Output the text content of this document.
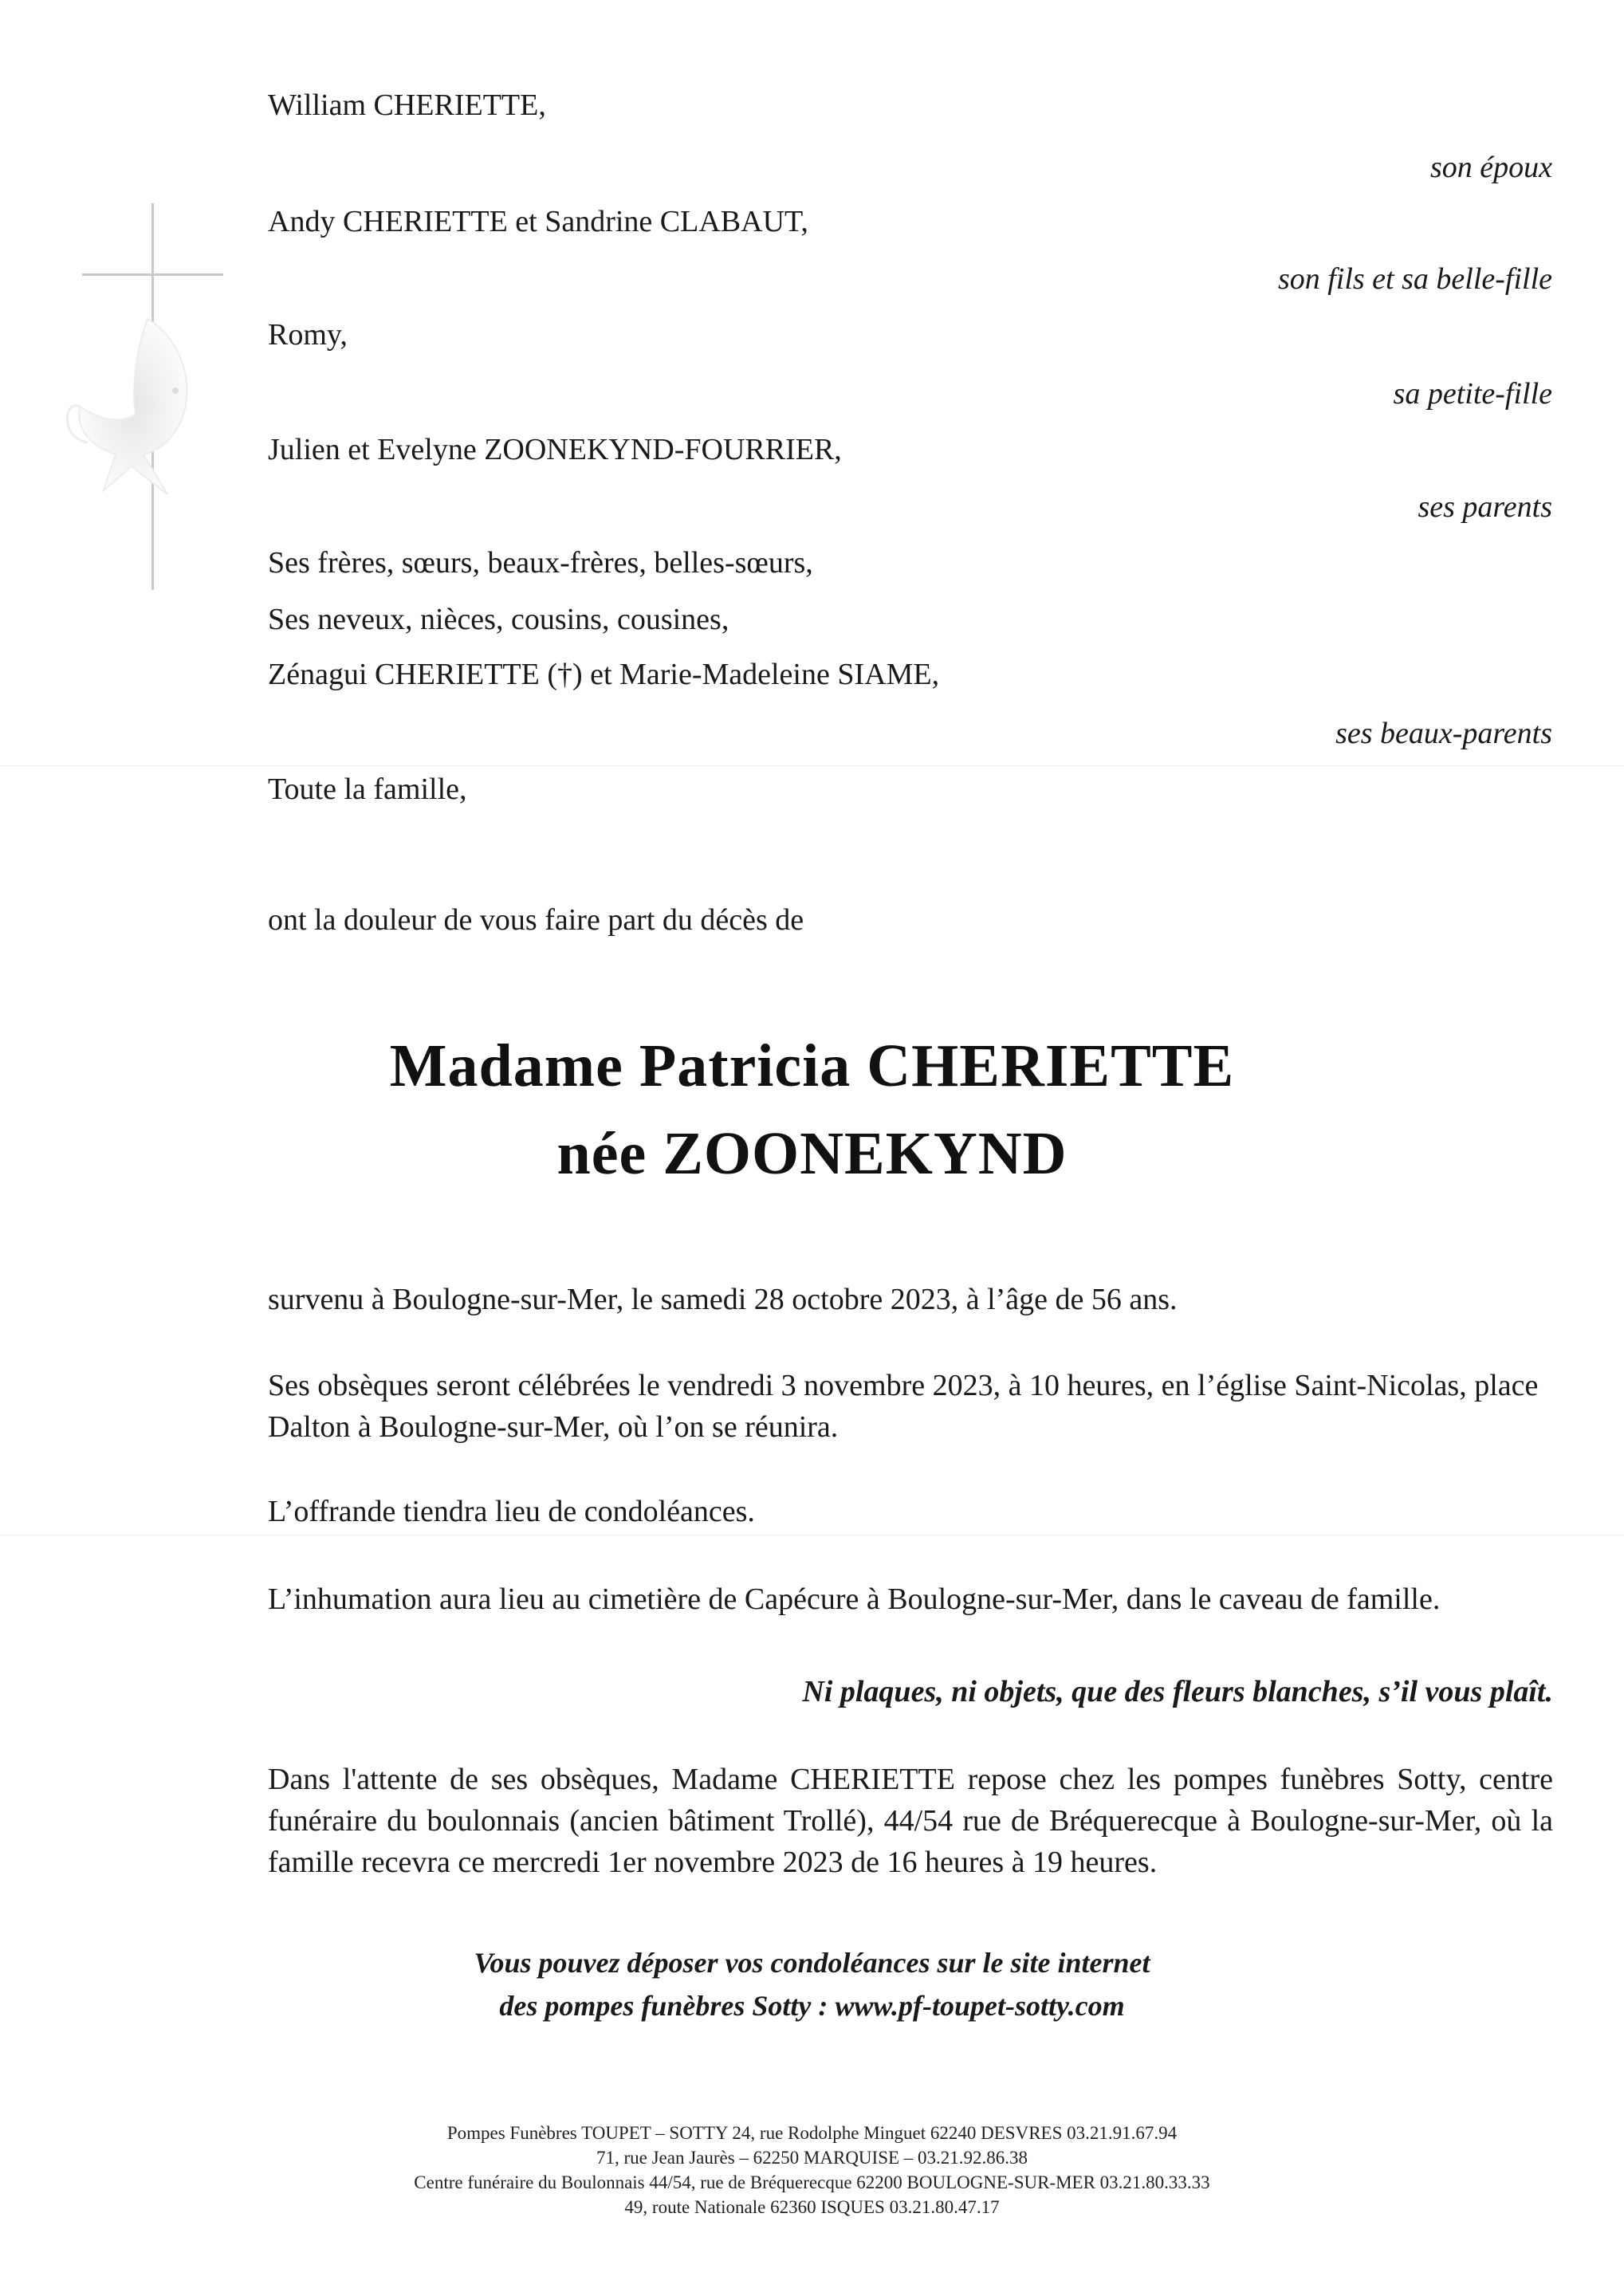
William CHERIETTE,
son époux
Andy CHERIETTE et Sandrine CLABAUT,
son fils et sa belle-fille
Romy,
sa petite-fille
Julien et Evelyne ZOONEKYND-FOURRIER,
ses parents
Ses frères, sœurs, beaux-frères, belles-sœurs,
Ses neveux, nièces, cousins, cousines,
Zénagui CHERIETTE (†) et Marie-Madeleine SIAME,
ses beaux-parents
Toute la famille,
ont la douleur de vous faire part du décès de
Madame Patricia CHERIETTE
née ZOONEKYND
survenu à Boulogne-sur-Mer, le samedi 28 octobre 2023, à l’âge de 56 ans.
Ses obsèques seront célébrées le vendredi 3 novembre 2023, à 10 heures, en l’église Saint-Nicolas, place Dalton à Boulogne-sur-Mer, où l’on se réunira.
L’offrande tiendra lieu de condoléances.
L’inhumation aura lieu au cimetière de Capécure à Boulogne-sur-Mer, dans le caveau de famille.
Ni plaques, ni objets, que des fleurs blanches, s’il vous plaît.
Dans l'attente de ses obsèques, Madame CHERIETTE repose chez les pompes funèbres Sotty, centre funéraire du boulonnais (ancien bâtiment Trollé), 44/54 rue de Bréquerecque à Boulogne-sur-Mer, où la famille recevra ce mercredi 1er novembre 2023 de 16 heures à 19 heures.
Vous pouvez déposer vos condoléances sur le site internet
des pompes funèbres Sotty : www.pf-toupet-sotty.com
Pompes Funèbres TOUPET – SOTTY 24, rue Rodolphe Minguet 62240 DESVRES 03.21.91.67.94
71, rue Jean Jaurès – 62250 MARQUISE – 03.21.92.86.38
Centre funéraire du Boulonnais 44/54, rue de Bréquerecque 62200 BOULOGNE-SUR-MER 03.21.80.33.33
49, route Nationale 62360 ISQUES 03.21.80.47.17
